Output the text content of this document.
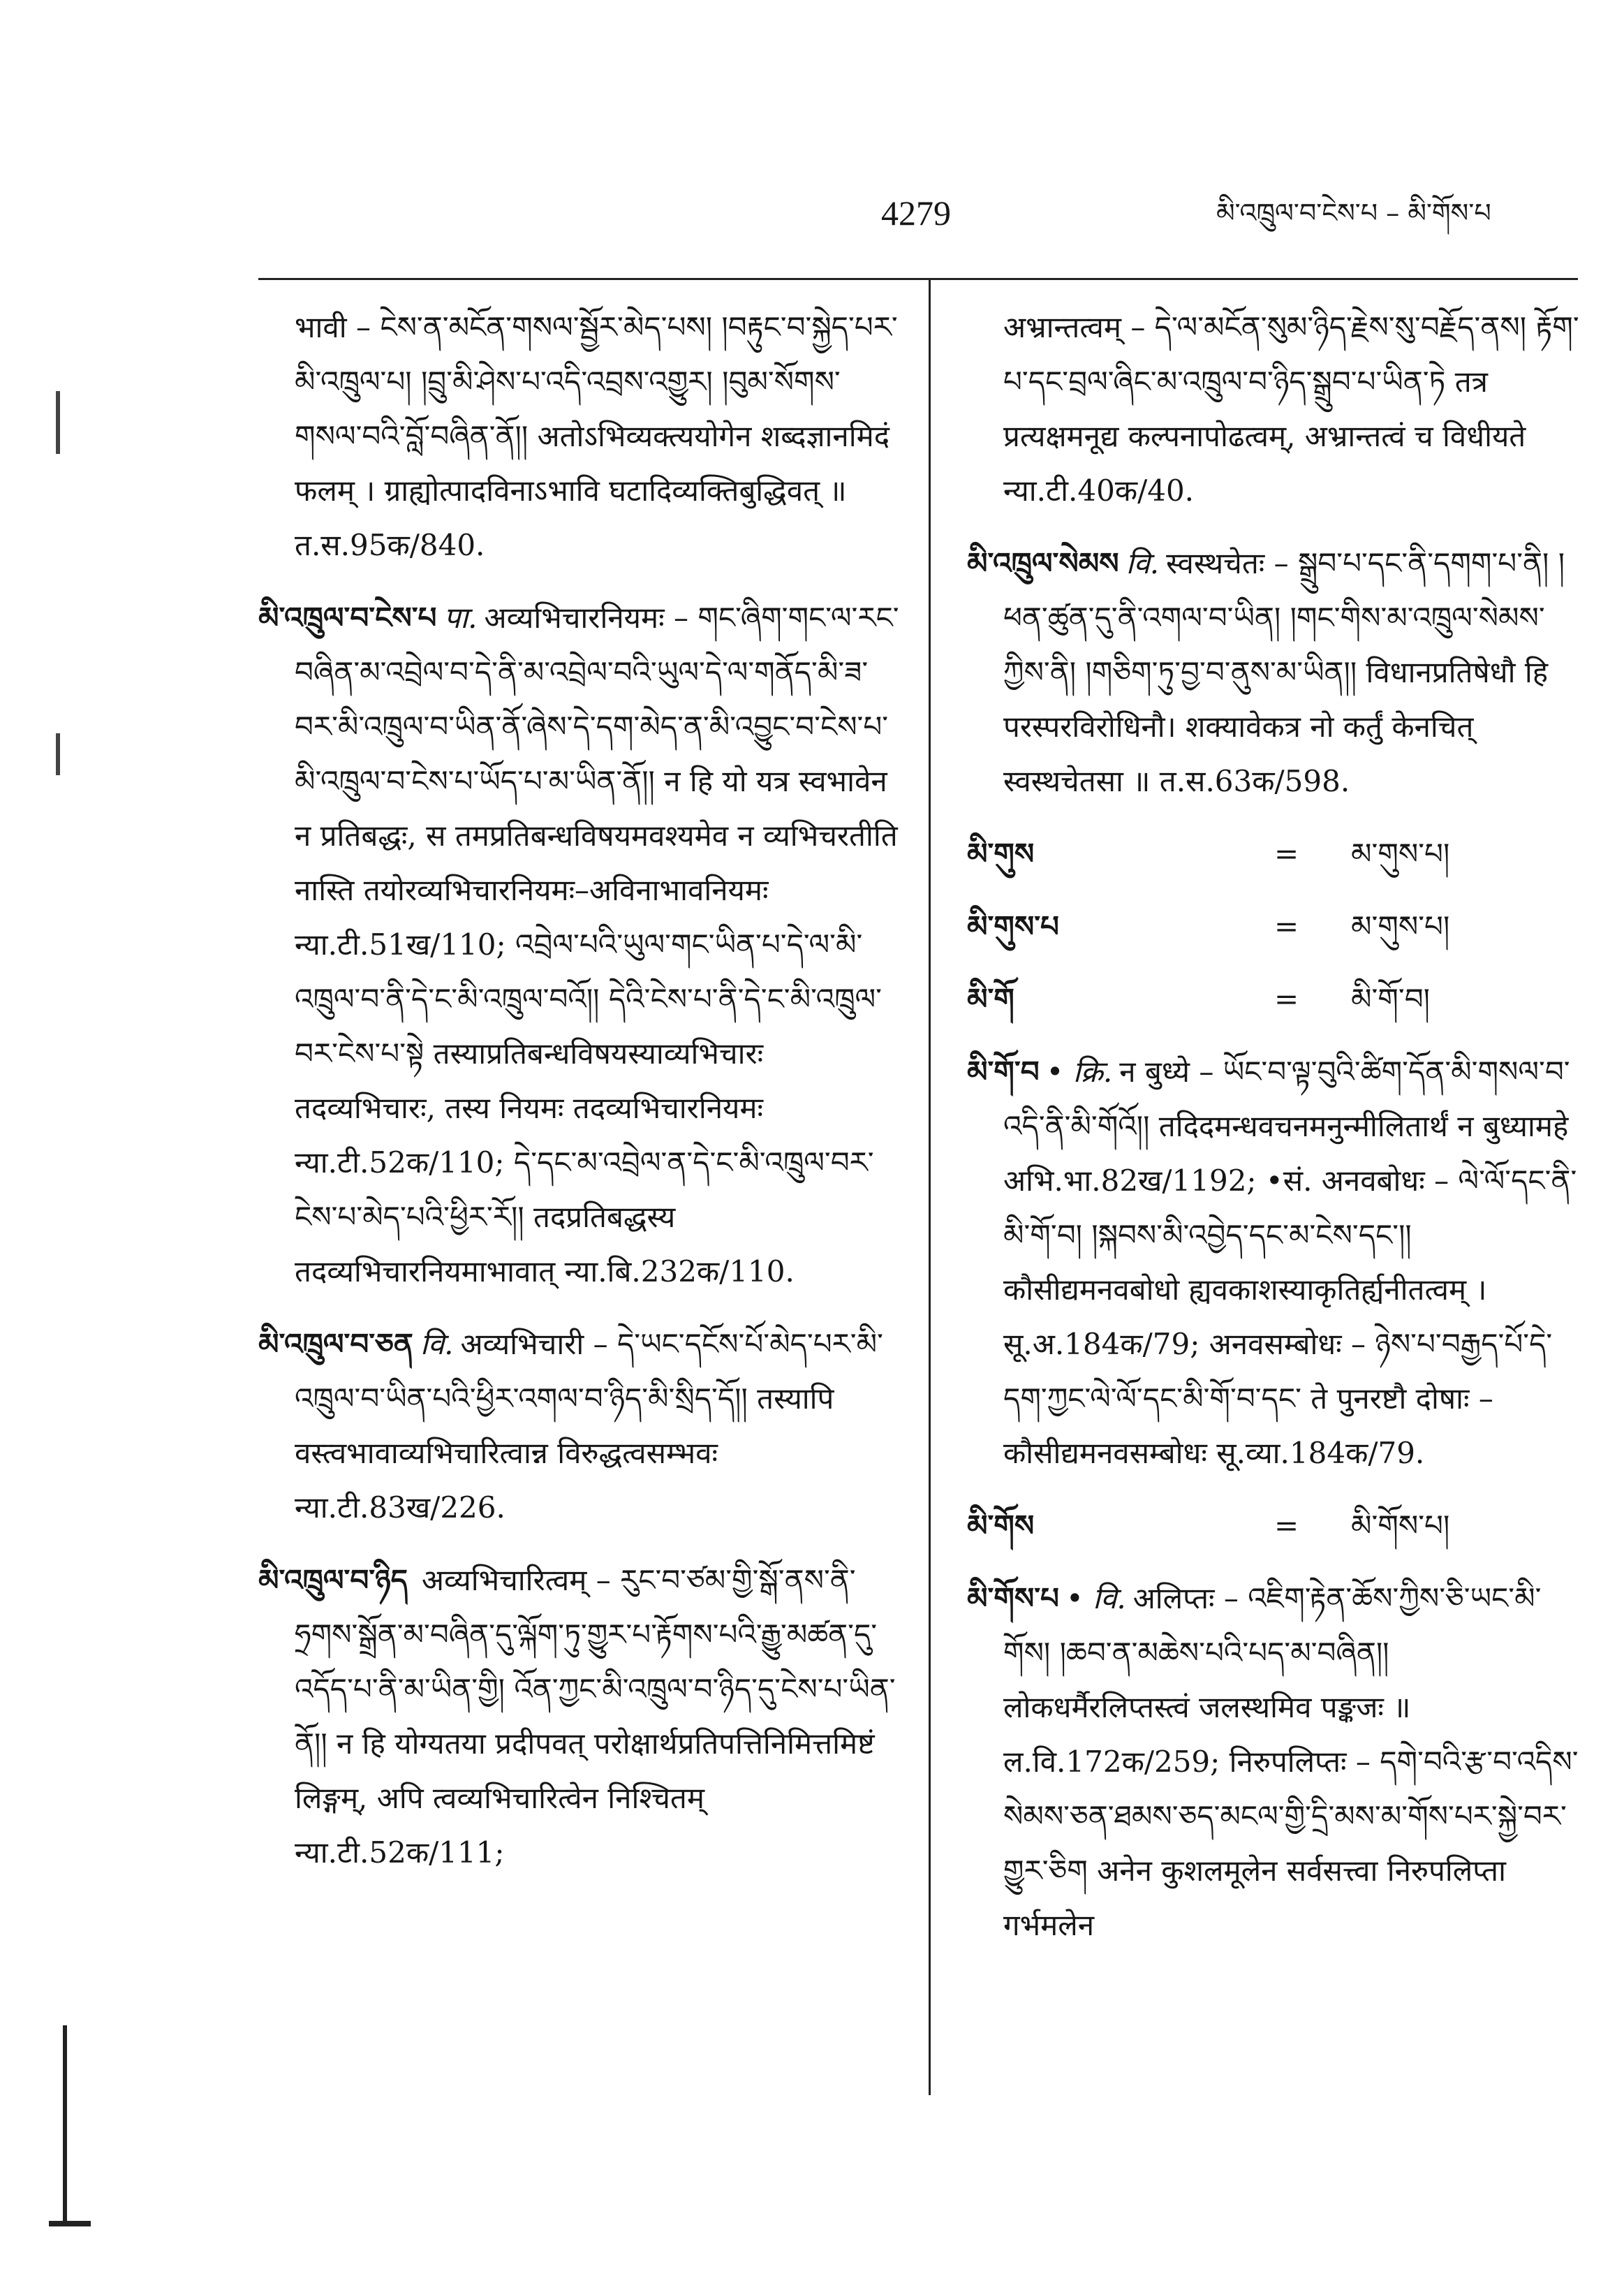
4279	མི་འཁྲུལ་བ་ངེས་པ – མི་གོས་པ

भावी – ངེས་ན་མངོན་གསལ་སྦྱོར་མེད་པས། །བརྟུང་བ་སྐྱེད་པར་མི་འཁྲུལ་པ། །བྲུ་མི་ཤེས་པ་འདི་འབྲས་འགྱུར། །བུམ་སོགས་གསལ་བའི་བློ་བཞིན་ནོ།། अतोऽभिव्यक्त्ययोगेन शब्दज्ञानमिदं फलम् । ग्राह्योत्पादविनाऽभावि घटादिव्यक्तिबुद्धिवत् ॥ त.स.95क/840.

མི་འཁྲུལ་བ་ངེས་པ पा. अव्यभिचारनियमः – གང་ཞིག་གང་ལ་རང་བཞིན་མ་འབྲེལ་བ་དེ་ནི་མ་འབྲེལ་བའི་ཡུལ་དེ་ལ་གནོད་མི་ཟ་བར་མི་འཁྲུལ་བ་ཡིན་ནོ་ཞེས་དེ་དག་མེད་ན་མི་འབྱུང་བ་ངེས་པ་མི་འཁྲུལ་བ་ངེས་པ་ཡོད་པ་མ་ཡིན་ནོ།། न हि यो यत्र स्वभावेन न प्रतिबद्धः, स तमप्रतिबन्धविषयमवश्यमेव न व्यभिचरतीति नास्ति तयोरव्यभिचारनियमः–अविनाभावनियमः न्या.टी.51ख/110; འབྲེལ་པའི་ཡུལ་གང་ཡིན་པ་དེ་ལ་མི་འཁྲུལ་བ་ནི་དེ་ང་མི་འཁྲུལ་བའོ།། དེའི་ངེས་པ་ནི་དེ་ང་མི་འཁྲུལ་བར་ངེས་པ་སྟེ तस्याप्रतिबन्धविषयस्याव्यभिचारः तदव्यभिचारः, तस्य नियमः तदव्यभिचारनियमः न्या.टी.52क/110; དེ་དང་མ་འབྲེལ་ན་དེ་ང་མི་འཁྲུལ་བར་ངེས་པ་མེད་པའི་ཕྱིར་རོ།། तदप्रतिबद्धस्य तदव्यभिचारनियमाभावात् न्या.बि.232क/110.

མི་འཁྲུལ་བ་ཅན वि. अव्यभिचारी – དེ་ཡང་དངོས་པོ་མེད་པར་མི་འཁྲུལ་བ་ཡིན་པའི་ཕྱིར་འགལ་བ་ཉིད་མི་སྲིད་དོ།། तस्यापि वस्त्वभावाव्यभिचारित्वान्न विरुद्धत्वसम्भवः न्या.टी.83ख/226.

མི་འཁྲུལ་བ་ཉིད अव्यभिचारित्वम् – རུང་བ་ཙམ་གྱི་སྒོ་ནས་ནི་ཧྲགས་སྒྲོན་མ་བཞིན་དུ་ལྐོག་ཏུ་གྱུར་པ་རྟོགས་པའི་རྒྱུ་མཚན་དུ་འདོད་པ་ནི་མ་ཡིན་གྱི། འོན་ཀྱང་མི་འཁྲུལ་བ་ཉིད་དུ་ངེས་པ་ཡིན་ནོ།། न हि योग्यतया प्रदीपवत् परोक्षार्थप्रतिपत्तिनिमित्तमिष्टं लिङ्गम्, अपि त्वव्यभिचारित्वेन निश्चितम् न्या.टी.52क/111;

अभ्रान्तत्वम् – དེ་ལ་མངོན་སུམ་ཉིད་རྗེས་སུ་བརྗོད་ནས། རྟོག་པ་དང་བྲལ་ཞིང་མ་འཁྲུལ་བ་ཉིད་སྒྲུབ་པ་ཡིན་ཏེ तत्र प्रत्यक्षमनूद्य कल्पनापोढत्वम्, अभ्रान्तत्वं च विधीयते न्या.टी.40क/40.

མི་འཁྲུལ་སེམས वि. स्वस्थचेतः – སྒྲུབ་པ་དང་ནི་དགག་པ་ནི། །ཕན་ཚུན་དུ་ནི་འགལ་བ་ཡིན། །གང་གིས་མ་འཁྲུལ་སེམས་ཀྱིས་ནི། །གཅིག་ཏུ་བྱ་བ་ནུས་མ་ཡིན།། विधानप्रतिषेधौ हि परस्परविरोधिनौ। शक्यावेकत्र नो कर्तुं केनचित् स्वस्थचेतसा ॥ त.स.63क/598.

མི་གུས	=	མ་གུས་པ།
མི་གུས་པ	=	མ་གུས་པ།
མི་གོ	=	མི་གོ་བ།

མི་གོ་བ • क्रि. न बुध्ये – ཡོང་བ་ལྟ་བུའི་ཚིག་དོན་མི་གསལ་བ་འདི་ནི་མི་གོའོ།། तदिदमन्धवचनमनुन्मीलितार्थं न बुध्यामहे अभि.भा.82ख/1192; •सं. अनवबोधः – ལེ་ལོ་དང་ནི་མི་གོ་བ། །སྐབས་མི་འབྱེད་དང་མ་ངེས་དང་།། कौसीद्यमनवबोधो ह्यवकाशस्याकृतिर्ह्यनीतत्वम् । सू.अ.184क/79; अनवसम्बोधः – ཉེས་པ་བརྒྱད་པོ་དེ་དག་ཀྱང་ལེ་ལོ་དང་མི་གོ་བ་དང་ ते पुनरष्टौ दोषाः – कौसीद्यमनवसम्बोधः सू.व्या.184क/79.

མི་གོས	=	མི་གོས་པ།

མི་གོས་པ • वि. अलिप्तः – འཇིག་རྟེན་ཆོས་ཀྱིས་ཅི་ཡང་མི་གོས། །ཆབ་ན་མཆེས་པའི་པད་མ་བཞིན།། लोकधर्मैरलिप्तस्त्वं जलस्थमिव पङ्कजः ॥ ल.वि.172क/259; निरुपलिप्तः – དགེ་བའི་རྩ་བ་འདིས་སེམས་ཅན་ཐམས་ཅད་མངལ་གྱི་དྲི་མས་མ་གོས་པར་སྐྱེ་བར་གྱུར་ཅིག अनेन कुशलमूलेन सर्वसत्त्वा निरुपलिप्ता गर्भमलेन
